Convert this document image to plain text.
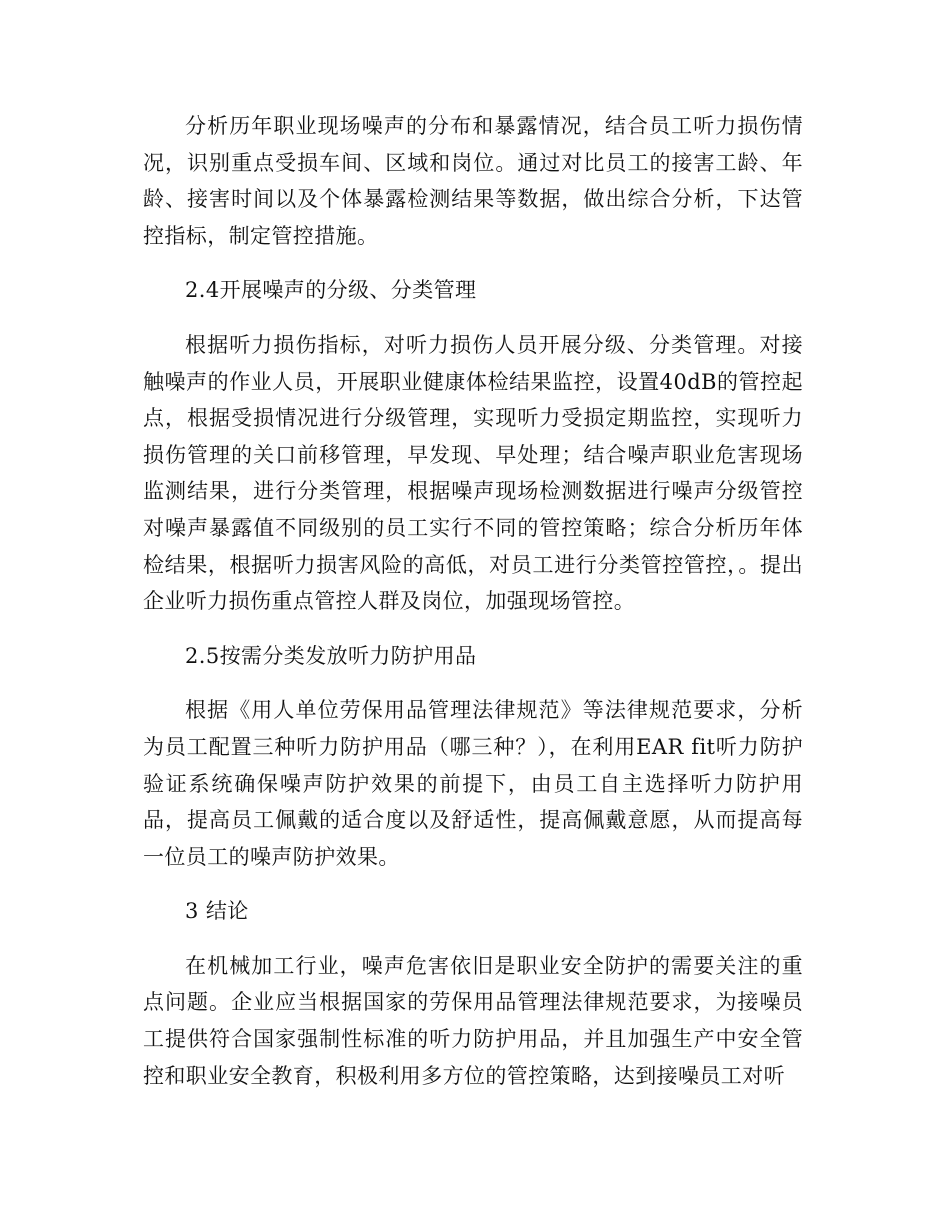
分析历年职业现场噪声的分布和暴露情况，结合员工听力损伤情况，识别重点受损车间、区域和岗位。通过对比员工的接害工龄、年龄、接害时间以及个体暴露检测结果等数据，做出综合分析，下达管控指标，制定管控措施。

2.4开展噪声的分级、分类管理

根据听力损伤指标，对听力损伤人员开展分级、分类管理。对接触噪声的作业人员，开展职业健康体检结果监控，设置40dB的管控起点，根据受损情况进行分级管理，实现听力受损定期监控，实现听力损伤管理的关口前移管理，早发现、早处理；结合噪声职业危害现场监测结果，进行分类管理，根据噪声现场检测数据进行噪声分级管控对噪声暴露值不同级别的员工实行不同的管控策略；综合分析历年体检结果，根据听力损害风险的高低，对员工进行分类管控管控，。提出企业听力损伤重点管控人群及岗位，加强现场管控。

2.5按需分类发放听力防护用品

根据《用人单位劳保用品管理法律规范》等法律规范要求，分析为员工配置三种听力防护用品（哪三种？），在利用EAR fit听力防护验证系统确保噪声防护效果的前提下，由员工自主选择听力防护用品，提高员工佩戴的适合度以及舒适性，提高佩戴意愿，从而提高每一位员工的噪声防护效果。

3 结论

在机械加工行业，噪声危害依旧是职业安全防护的需要关注的重点问题。企业应当根据国家的劳保用品管理法律规范要求，为接噪员工提供符合国家强制性标准的听力防护用品，并且加强生产中安全管控和职业安全教育，积极利用多方位的管控策略，达到接噪员工对听
